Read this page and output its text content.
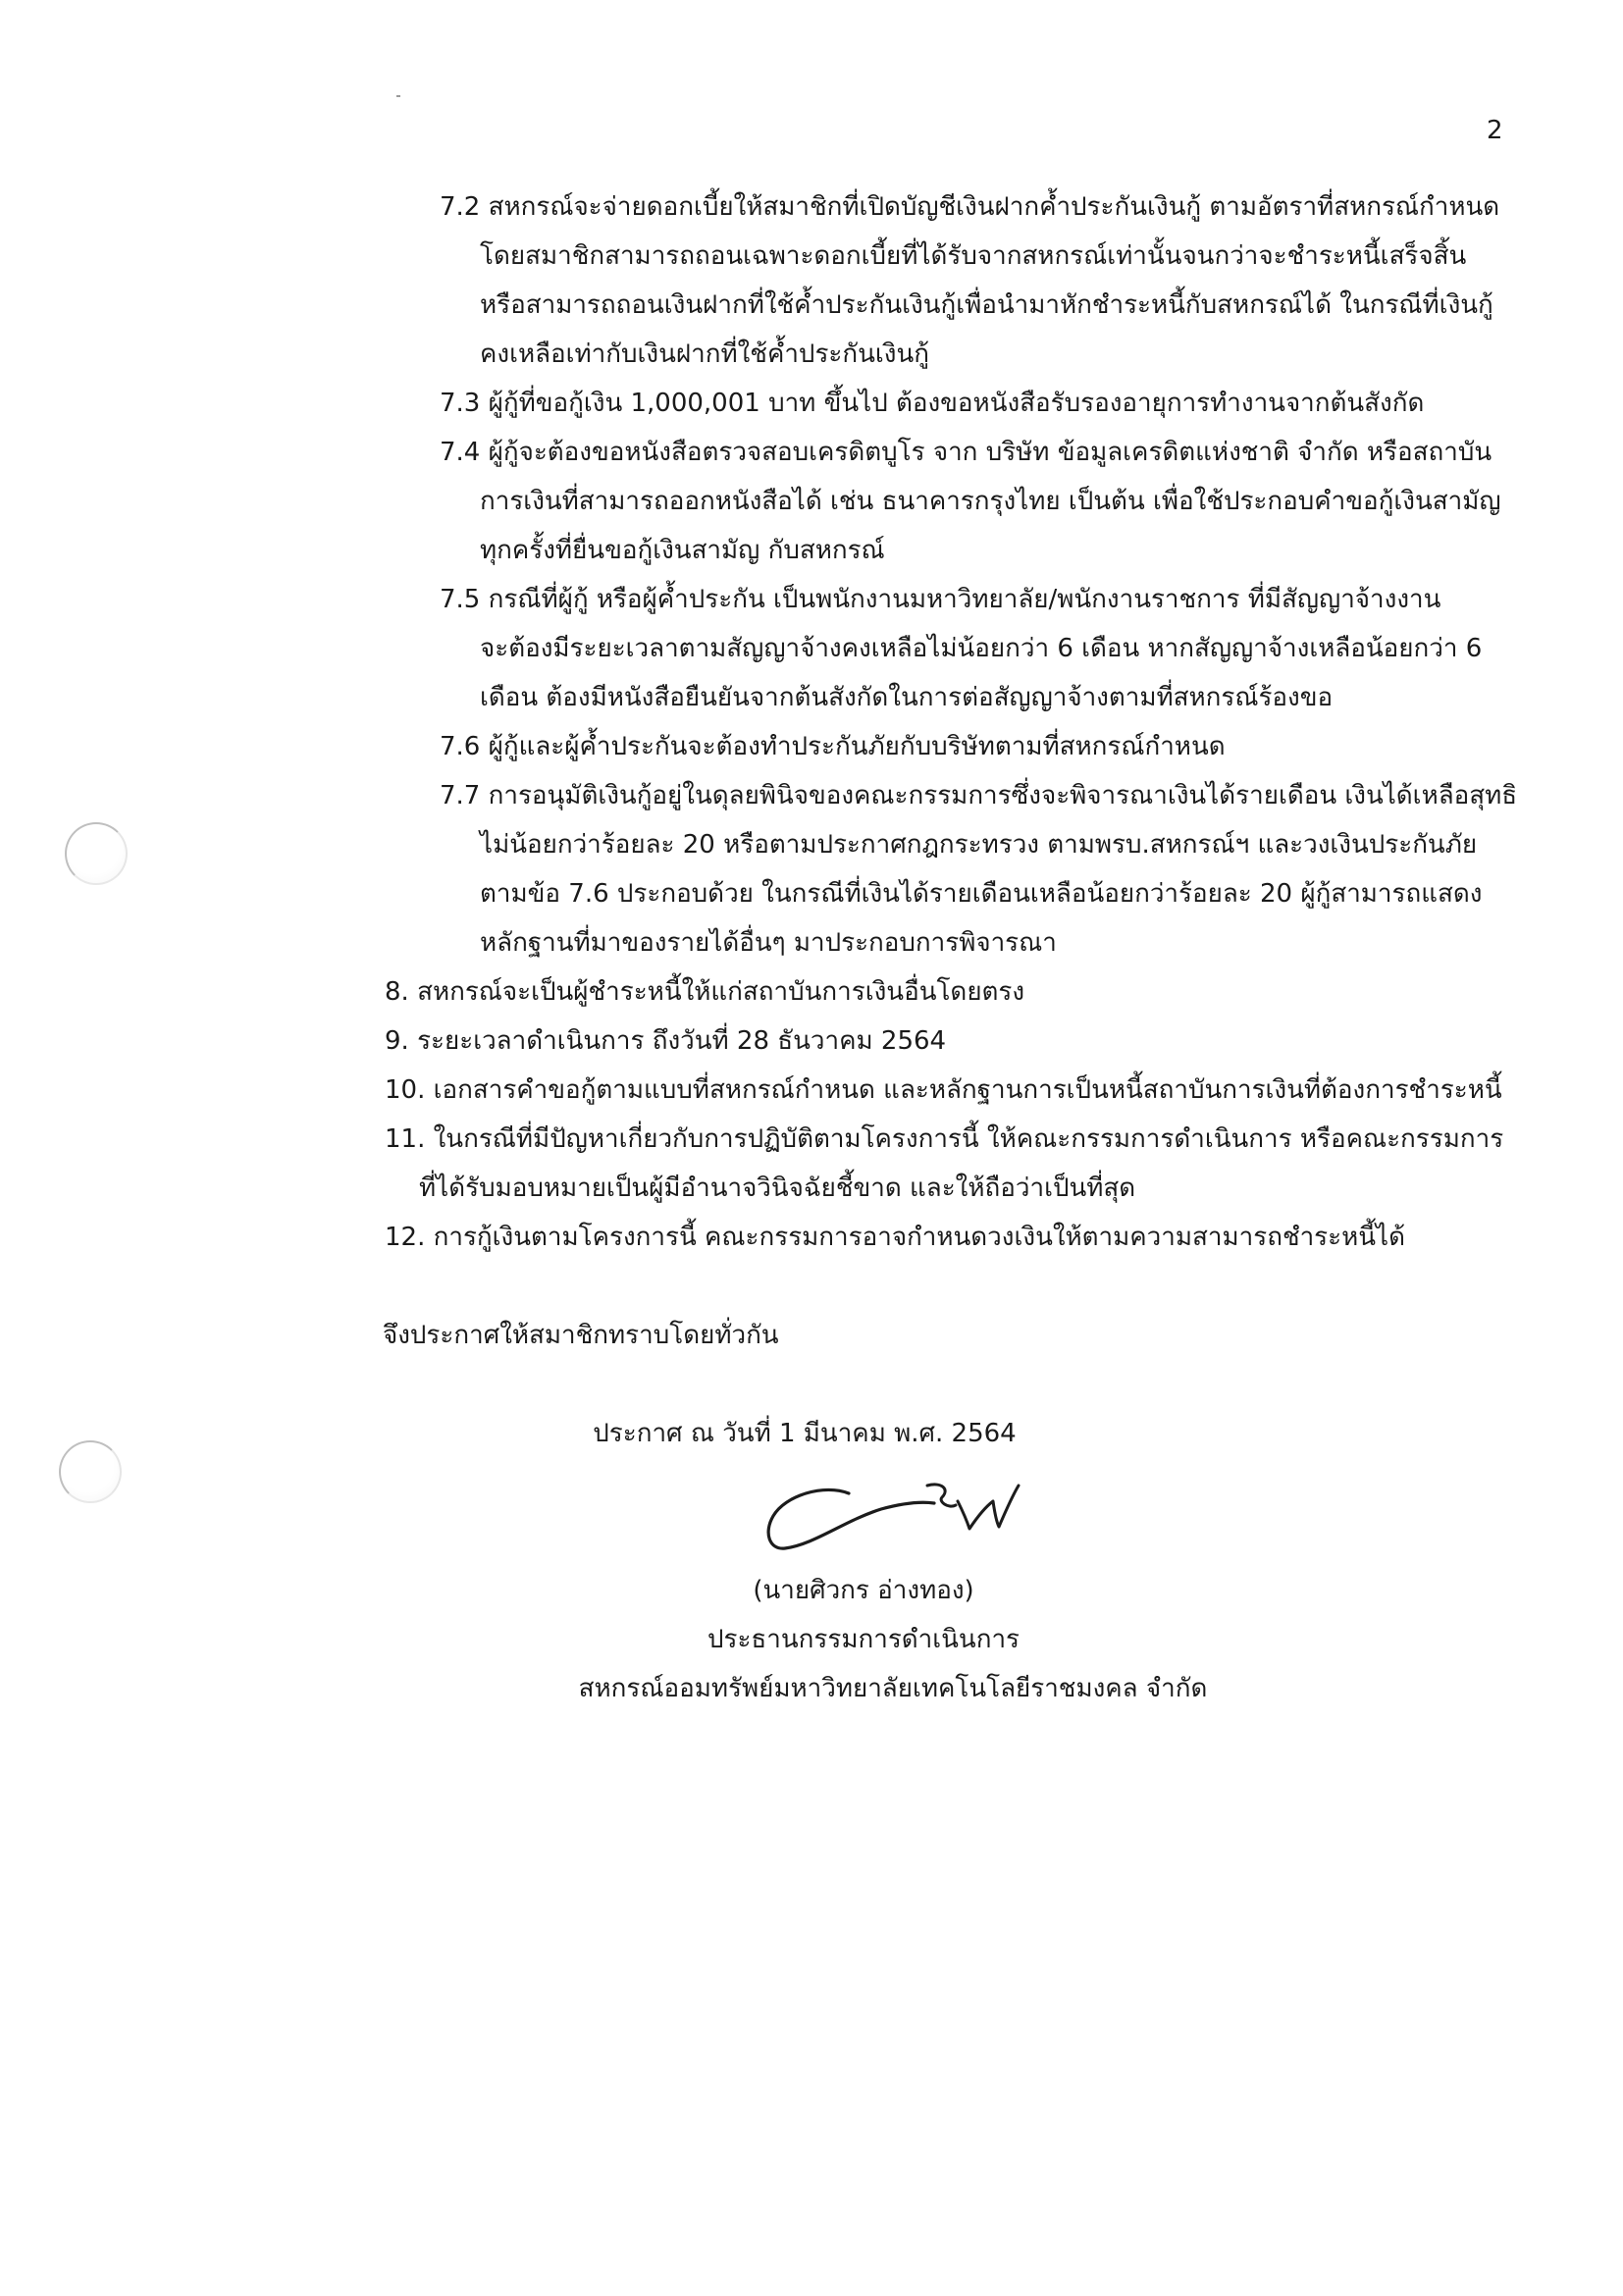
2
7.2 สหกรณ์จะจ่ายดอกเบี้ยให้สมาชิกที่เปิดบัญชีเงินฝากค้ำประกันเงินกู้ ตามอัตราที่สหกรณ์กำหนด
โดยสมาชิกสามารถถอนเฉพาะดอกเบี้ยที่ได้รับจากสหกรณ์เท่านั้นจนกว่าจะชำระหนี้เสร็จสิ้น
หรือสามารถถอนเงินฝากที่ใช้ค้ำประกันเงินกู้เพื่อนำมาหักชำระหนี้กับสหกรณ์ได้ ในกรณีที่เงินกู้
คงเหลือเท่ากับเงินฝากที่ใช้ค้ำประกันเงินกู้
7.3 ผู้กู้ที่ขอกู้เงิน 1,000,001 บาท ขึ้นไป ต้องขอหนังสือรับรองอายุการทำงานจากต้นสังกัด
7.4 ผู้กู้จะต้องขอหนังสือตรวจสอบเครดิตบูโร จาก บริษัท ข้อมูลเครดิตแห่งชาติ จำกัด หรือสถาบัน
การเงินที่สามารถออกหนังสือได้ เช่น ธนาคารกรุงไทย เป็นต้น เพื่อใช้ประกอบคำขอกู้เงินสามัญ
ทุกครั้งที่ยื่นขอกู้เงินสามัญ กับสหกรณ์
7.5 กรณีที่ผู้กู้ หรือผู้ค้ำประกัน เป็นพนักงานมหาวิทยาลัย/พนักงานราชการ ที่มีสัญญาจ้างงาน
จะต้องมีระยะเวลาตามสัญญาจ้างคงเหลือไม่น้อยกว่า 6 เดือน หากสัญญาจ้างเหลือน้อยกว่า 6
เดือน ต้องมีหนังสือยืนยันจากต้นสังกัดในการต่อสัญญาจ้างตามที่สหกรณ์ร้องขอ
7.6 ผู้กู้และผู้ค้ำประกันจะต้องทำประกันภัยกับบริษัทตามที่สหกรณ์กำหนด
7.7 การอนุมัติเงินกู้อยู่ในดุลยพินิจของคณะกรรมการซึ่งจะพิจารณาเงินได้รายเดือน เงินได้เหลือสุทธิ
ไม่น้อยกว่าร้อยละ 20 หรือตามประกาศกฎกระทรวง ตามพรบ.สหกรณ์ฯ และวงเงินประกันภัย
ตามข้อ 7.6 ประกอบด้วย ในกรณีที่เงินได้รายเดือนเหลือน้อยกว่าร้อยละ 20 ผู้กู้สามารถแสดง
หลักฐานที่มาของรายได้อื่นๆ มาประกอบการพิจารณา
8. สหกรณ์จะเป็นผู้ชำระหนี้ให้แก่สถาบันการเงินอื่นโดยตรง
9. ระยะเวลาดำเนินการ ถึงวันที่ 28 ธันวาคม 2564
10. เอกสารคำขอกู้ตามแบบที่สหกรณ์กำหนด และหลักฐานการเป็นหนี้สถาบันการเงินที่ต้องการชำระหนี้
11. ในกรณีที่มีปัญหาเกี่ยวกับการปฏิบัติตามโครงการนี้ ให้คณะกรรมการดำเนินการ หรือคณะกรรมการ
ที่ได้รับมอบหมายเป็นผู้มีอำนาจวินิจฉัยชี้ขาด และให้ถือว่าเป็นที่สุด
12. การกู้เงินตามโครงการนี้ คณะกรรมการอาจกำหนดวงเงินให้ตามความสามารถชำระหนี้ได้
จึงประกาศให้สมาชิกทราบโดยทั่วกัน
ประกาศ ณ วันที่ 1 มีนาคม พ.ศ. 2564
(นายศิวกร อ่างทอง)
ประธานกรรมการดำเนินการ
สหกรณ์ออมทรัพย์มหาวิทยาลัยเทคโนโลยีราชมงคล จำกัด
